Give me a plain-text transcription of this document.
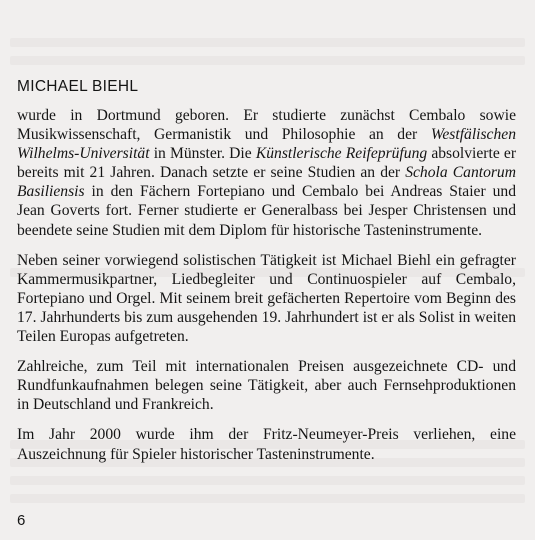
MICHAEL BIEHL

wurde in Dortmund geboren. Er studierte zunächst Cembalo sowie Musikwissenschaft, Germanistik und Philosophie an der Westfälischen Wilhelms-Universität in Münster. Die Künstlerische Reifeprüfung absolvierte er bereits mit 21 Jahren. Danach setzte er seine Studien an der Schola Cantorum Basiliensis in den Fächern Fortepiano und Cembalo bei Andreas Staier und Jean Goverts fort. Ferner studierte er Generalbass bei Jesper Christensen und beendete seine Studien mit dem Diplom für historische Tasteninstrumente.

Neben seiner vorwiegend solistischen Tätigkeit ist Michael Biehl ein gefragter Kammermusikpartner, Liedbegleiter und Continuospieler auf Cembalo, Fortepiano und Orgel. Mit seinem breit gefächerten Repertoire vom Beginn des 17. Jahrhunderts bis zum ausgehenden 19. Jahrhundert ist er als Solist in weiten Teilen Europas aufgetreten.

Zahlreiche, zum Teil mit internationalen Preisen ausgezeichnete CD- und Rundfunkaufnahmen belegen seine Tätigkeit, aber auch Fernsehproduktionen in Deutschland und Frankreich.

Im Jahr 2000 wurde ihm der Fritz-Neumeyer-Preis verliehen, eine Auszeichnung für Spieler historischer Tasteninstrumente.

6
